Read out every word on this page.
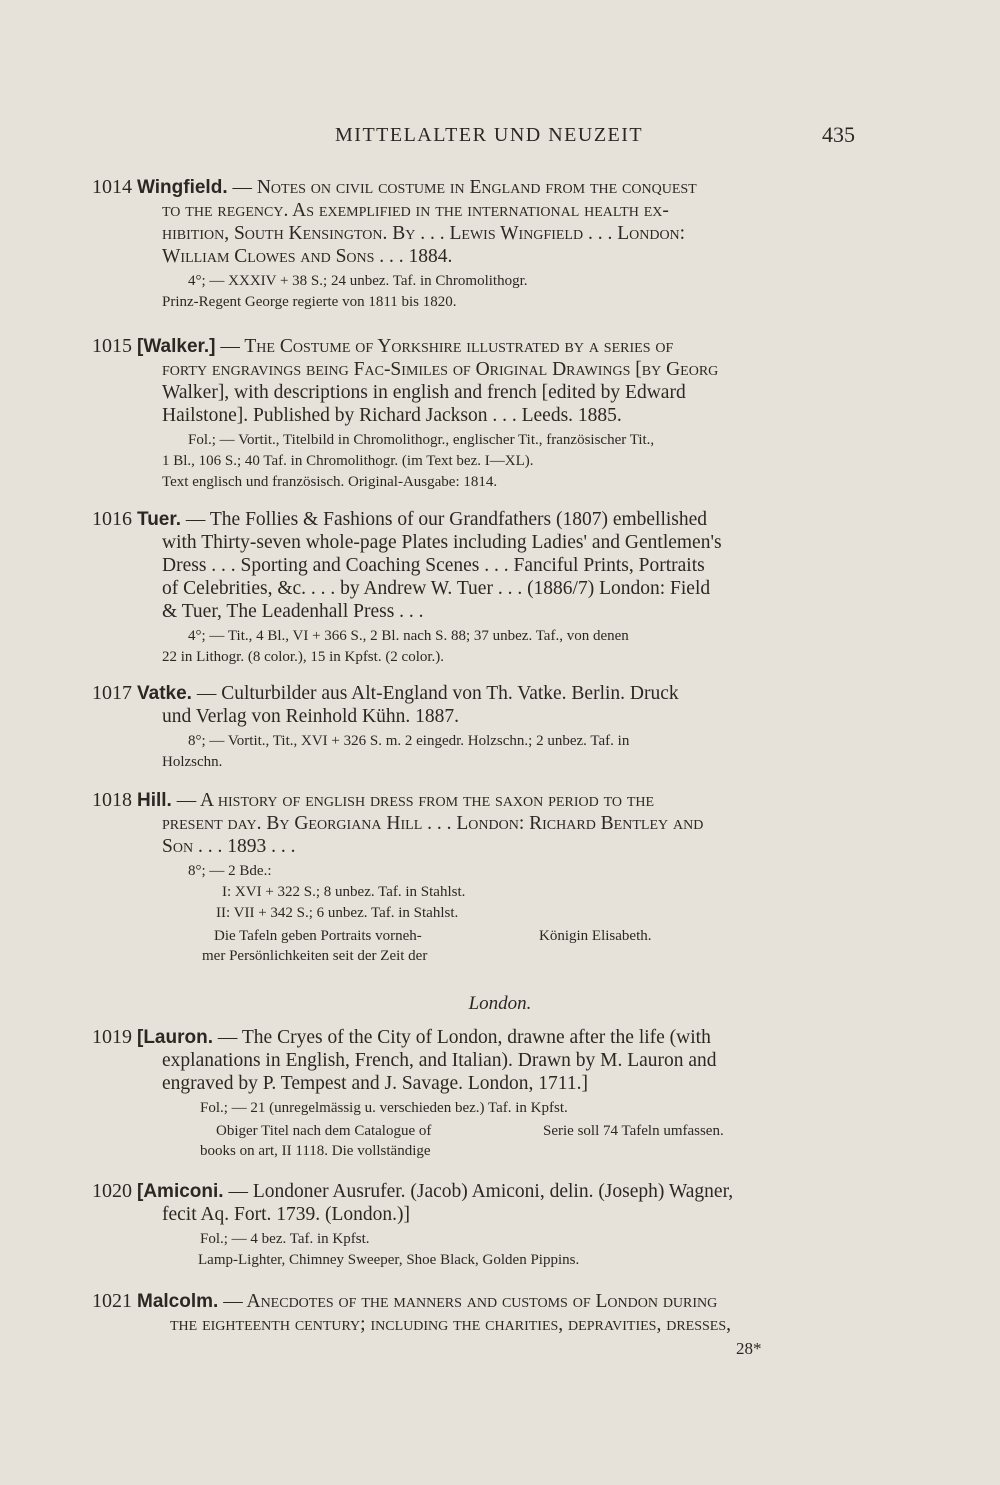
MITTELALTER UND NEUZEIT	435
1014 Wingfield. — Notes on civil costume in England from the conquest
to the regency. As exemplified in the international health ex-
hibition, South Kensington. By . . . Lewis Wingfield . . . London:
William Clowes and Sons . . . 1884.
4°; — XXXIV + 38 S.; 24 unbez. Taf. in Chromolithogr.
Prinz-Regent George regierte von 1811 bis 1820.
1015 [Walker.] — The Costume of Yorkshire illustrated by a series of
forty engravings being Fac-Similes of Original Drawings [by Georg
Walker], with descriptions in english and french [edited by Edward
Hailstone]. Published by Richard Jackson . . . Leeds. 1885.
Fol.; — Vortit., Titelbild in Chromolithogr., englischer Tit., französischer Tit.,
1 Bl., 106 S.; 40 Taf. in Chromolithogr. (im Text bez. I—XL).
Text englisch und französisch. Original-Ausgabe: 1814.
1016 Tuer. — The Follies & Fashions of our Grandfathers (1807) embellished
with Thirty-seven whole-page Plates including Ladies' and Gentlemen's
Dress . . . Sporting and Coaching Scenes . . . Fanciful Prints, Portraits
of Celebrities, &c. . . . by Andrew W. Tuer . . . (1886/7) London: Field
& Tuer, The Leadenhall Press . . .
4°; — Tit., 4 Bl., VI + 366 S., 2 Bl. nach S. 88; 37 unbez. Taf., von denen
22 in Lithogr. (8 color.), 15 in Kpfst. (2 color.).
1017 Vatke. — Culturbilder aus Alt-England von Th. Vatke. Berlin. Druck
und Verlag von Reinhold Kühn. 1887.
8°; — Vortit., Tit., XVI + 326 S. m. 2 eingedr. Holzschn.; 2 unbez. Taf. in
Holzschn.
1018 Hill. — A history of english dress from the saxon period to the
present day. By Georgiana Hill . . . London: Richard Bentley and
Son . . . 1893 . . .
8°; — 2 Bde.:
I: XVI + 322 S.; 8 unbez. Taf. in Stahlst.
II: VII + 342 S.; 6 unbez. Taf. in Stahlst.
Die Tafeln geben Portraits vorneh-
mer Persönlichkeiten seit der Zeit der
Königin Elisabeth.
London.
1019 [Lauron. — The Cryes of the City of London, drawne after the life (with
explanations in English, French, and Italian). Drawn by M. Lauron and
engraved by P. Tempest and J. Savage. London, 1711.]
Fol.; — 21 (unregelmässig u. verschieden bez.) Taf. in Kpfst.
Obiger Titel nach dem Catalogue of
books on art, II 1118. Die vollständige
Serie soll 74 Tafeln umfassen.
1020 [Amiconi. — Londoner Ausrufer. (Jacob) Amiconi, delin. (Joseph) Wagner,
fecit Aq. Fort. 1739. (London.)]
Fol.; — 4 bez. Taf. in Kpfst.
Lamp-Lighter, Chimney Sweeper, Shoe Black, Golden Pippins.
1021 Malcolm. — Anecdotes of the manners and customs of London during
the eighteenth century; including the charities, depravities, dresses,
28*
